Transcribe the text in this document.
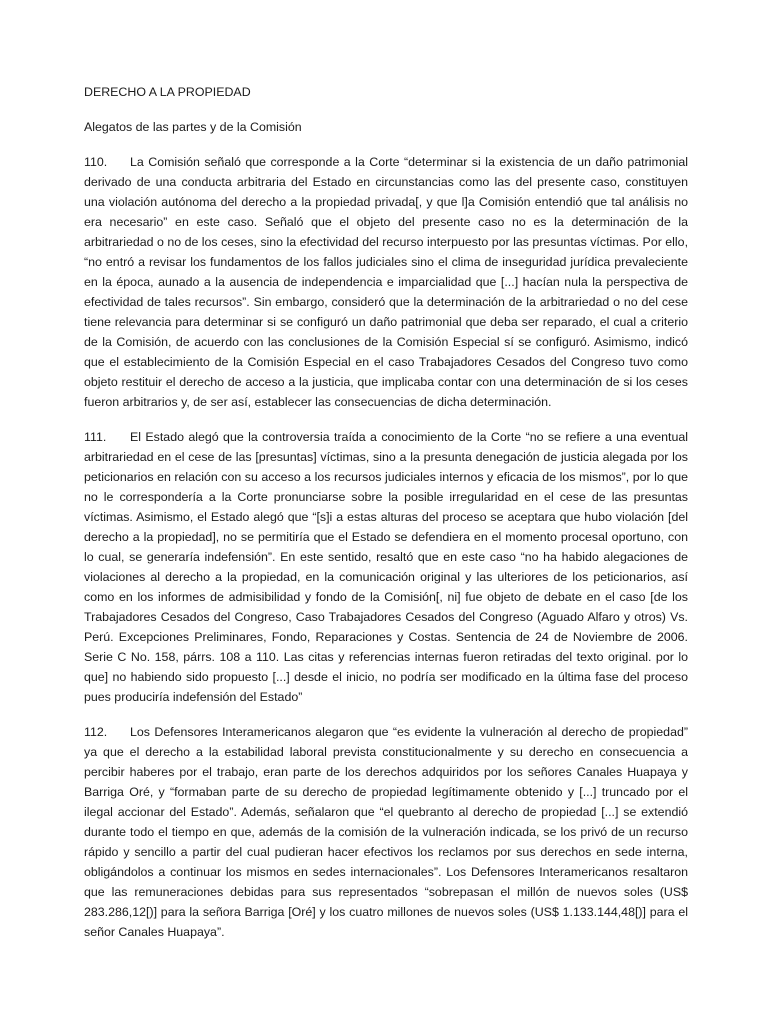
DERECHO A LA PROPIEDAD

Alegatos de las partes y de la Comisión

110. La Comisión señaló que corresponde a la Corte “determinar si la existencia de un daño patrimonial derivado de una conducta arbitraria del Estado en circunstancias como las del presente caso, constituyen una violación autónoma del derecho a la propiedad privada[, y que l]a Comisión entendió que tal análisis no era necesario” en este caso. Señaló que el objeto del presente caso no es la determinación de la arbitrariedad o no de los ceses, sino la efectividad del recurso interpuesto por las presuntas víctimas. Por ello, “no entró a revisar los fundamentos de los fallos judiciales sino el clima de inseguridad jurídica prevaleciente en la época, aunado a la ausencia de independencia e imparcialidad que [...] hacían nula la perspectiva de efectividad de tales recursos”. Sin embargo, consideró que la determinación de la arbitrariedad o no del cese tiene relevancia para determinar si se configuró un daño patrimonial que deba ser reparado, el cual a criterio de la Comisión, de acuerdo con las conclusiones de la Comisión Especial sí se configuró. Asimismo, indicó que el establecimiento de la Comisión Especial en el caso Trabajadores Cesados del Congreso tuvo como objeto restituir el derecho de acceso a la justicia, que implicaba contar con una determinación de si los ceses fueron arbitrarios y, de ser así, establecer las consecuencias de dicha determinación.

111. El Estado alegó que la controversia traída a conocimiento de la Corte “no se refiere a una eventual arbitrariedad en el cese de las [presuntas] víctimas, sino a la presunta denegación de justicia alegada por los peticionarios en relación con su acceso a los recursos judiciales internos y eficacia de los mismos”, por lo que no le correspondería a la Corte pronunciarse sobre la posible irregularidad en el cese de las presuntas víctimas. Asimismo, el Estado alegó que “[s]i a estas alturas del proceso se aceptara que hubo violación [del derecho a la propiedad], no se permitiría que el Estado se defendiera en el momento procesal oportuno, con lo cual, se generaría indefensión”. En este sentido, resaltó que en este caso “no ha habido alegaciones de violaciones al derecho a la propiedad, en la comunicación original y las ulteriores de los peticionarios, así como en los informes de admisibilidad y fondo de la Comisión[, ni] fue objeto de debate en el caso [de los Trabajadores Cesados del Congreso, Caso Trabajadores Cesados del Congreso (Aguado Alfaro y otros) Vs. Perú. Excepciones Preliminares, Fondo, Reparaciones y Costas. Sentencia de 24 de Noviembre de 2006. Serie C No. 158, párrs. 108 a 110. Las citas y referencias internas fueron retiradas del texto original. por lo que] no habiendo sido propuesto [...] desde el inicio, no podría ser modificado en la última fase del proceso pues produciría indefensión del Estado”

112. Los Defensores Interamericanos alegaron que “es evidente la vulneración al derecho de propiedad” ya que el derecho a la estabilidad laboral prevista constitucionalmente y su derecho en consecuencia a percibir haberes por el trabajo, eran parte de los derechos adquiridos por los señores Canales Huapaya y Barriga Oré, y “formaban parte de su derecho de propiedad legítimamente obtenido y [...] truncado por el ilegal accionar del Estado”. Además, señalaron que “el quebranto al derecho de propiedad [...] se extendió durante todo el tiempo en que, además de la comisión de la vulneración indicada, se los privó de un recurso rápido y sencillo a partir del cual pudieran hacer efectivos los reclamos por sus derechos en sede interna, obligándolos a continuar los mismos en sedes internacionales”. Los Defensores Interamericanos resaltaron que las remuneraciones debidas para sus representados “sobrepasan el millón de nuevos soles (US$ 283.286,12[)] para la señora Barriga [Oré] y los cuatro millones de nuevos soles (US$ 1.133.144,48[)] para el señor Canales Huapaya”.
